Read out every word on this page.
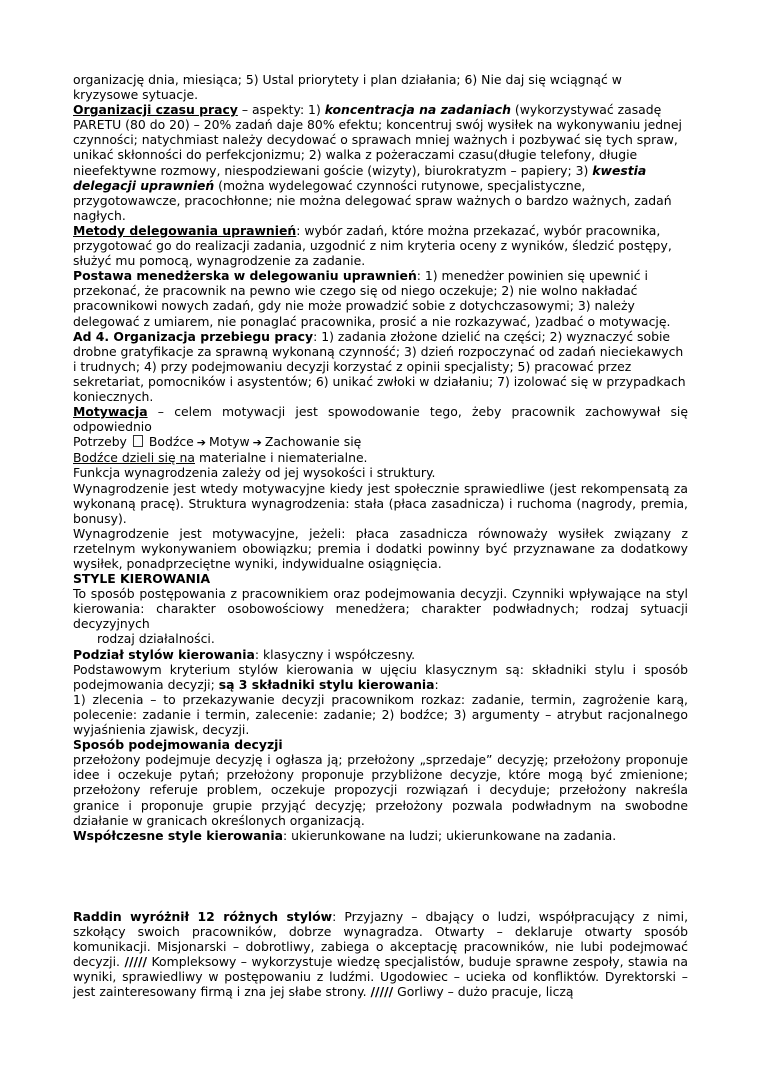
organizację dnia, miesiąca; 5) Ustal priorytety i plan działania; 6) Nie daj się wciągnąć w
kryzysowe sytuacje.

Organizacji czasu pracy – aspekty: 1) koncentracja na zadaniach (wykorzystywać zasadę PARETU (80 do 20) – 20% zadań daje 80% efektu; koncentruj swój wysiłek na wykonywaniu jednej czynności; natychmiast należy decydować o sprawach mniej ważnych i pozbywać się tych spraw, unikać skłonności do perfekcjonizmu; 2) walka z pożeraczami czasu(długie telefony, długie nieefektywne rozmowy, niespodziewani goście (wizyty), biurokratyzm – papiery; 3) kwestia delegacji uprawnień (można wydelegować czynności rutynowe, specjalistyczne, przygotowawcze, pracochłonne; nie można delegować spraw ważnych o bardzo ważnych, zadań nagłych.

Metody delegowania uprawnień: wybór zadań, które można przekazać, wybór pracownika, przygotować go do realizacji zadania, uzgodnić z nim kryteria oceny z wyników, śledzić postępy, służyć mu pomocą, wynagrodzenie za zadanie.

Postawa menedżerska w delegowaniu uprawnień: 1) menedżer powinien się upewnić i przekonać, że pracownik na pewno wie czego się od niego oczekuje; 2) nie wolno nakładać pracownikowi nowych zadań, gdy nie może prowadzić sobie z dotychczasowymi; 3) należy delegować z umiarem, nie ponaglać pracownika, prosić a nie rozkazywać, )zadbać o motywację.

Ad 4. Organizacja przebiegu pracy: 1) zadania złożone dzielić na części; 2) wyznaczyć sobie drobne gratyfikacje za sprawną wykonaną czynność; 3) dzień rozpoczynać od zadań nieciekawych i trudnych; 4) przy podejmowaniu decyzji korzystać z opinii specjalisty; 5) pracować przez sekretariat, pomocników i asystentów; 6) unikać zwłoki w działaniu; 7) izolować się w przypadkach koniecznych.

Motywacja – celem motywacji jest spowodowanie tego, żeby pracownik zachowywał się odpowiednio

Potrzeby Bodźce ➔ Motyw ➔ Zachowanie się

Bodźce dzieli się na materialne i niematerialne.

Funkcja wynagrodzenia zależy od jej wysokości i struktury.

Wynagrodzenie jest wtedy motywacyjne kiedy jest społecznie sprawiedliwe (jest rekompensatą za wykonaną pracę). Struktura wynagrodzenia: stała (płaca zasadnicza) i ruchoma (nagrody, premia, bonusy).

Wynagrodzenie jest motywacyjne, jeżeli: płaca zasadnicza równoważy wysiłek związany z rzetelnym wykonywaniem obowiązku; premia i dodatki powinny być przyznawane za dodatkowy wysiłek, ponadprzeciętne wyniki, indywidualne osiągnięcia.

STYLE KIEROWANIA

To sposób postępowania z pracownikiem oraz podejmowania decyzji. Czynniki wpływające na styl kierowania: charakter osobowościowy menedżera; charakter podwładnych; rodzaj sytuacji decyzyjnych

rodzaj działalności.

Podział stylów kierowania: klasyczny i współczesny.

Podstawowym kryterium stylów kierowania w ujęciu klasycznym są: składniki stylu i sposób podejmowania decyzji; są 3 składniki stylu kierowania:

1) zlecenia – to przekazywanie decyzji pracownikom rozkaz: zadanie, termin, zagrożenie karą, polecenie: zadanie i termin, zalecenie: zadanie; 2) bodźce; 3) argumenty – atrybut racjonalnego wyjaśnienia zjawisk, decyzji.

Sposób podejmowania decyzji

przełożony podejmuje decyzję i ogłasza ją; przełożony „sprzedaje” decyzję; przełożony proponuje idee i oczekuje pytań; przełożony proponuje przybliżone decyzje, które mogą być zmienione; przełożony referuje problem, oczekuje propozycji rozwiązań i decyduje; przełożony nakreśla granice i proponuje grupie przyjąć decyzję; przełożony pozwala podwładnym na swobodne działanie w granicach określonych organizacją.

Współczesne style kierowania: ukierunkowane na ludzi; ukierunkowane na zadania.

Raddin wyróżnił 12 różnych stylów: Przyjazny – dbający o ludzi, współpracujący z nimi, szkołący swoich pracowników, dobrze wynagradza. Otwarty – deklaruje otwarty sposób komunikacji. Misjonarski – dobrotliwy, zabiega o akceptację pracowników, nie lubi podejmować decyzji. ///// Kompleksowy – wykorzystuje wiedzę specjalistów, buduje sprawne zespoły, stawia na wyniki, sprawiedliwy w postępowaniu z ludźmi. Ugodowiec – ucieka od konfliktów. Dyrektorski – jest zainteresowany firmą i zna jej słabe strony. ///// Gorliwy – dużo pracuje, liczą
